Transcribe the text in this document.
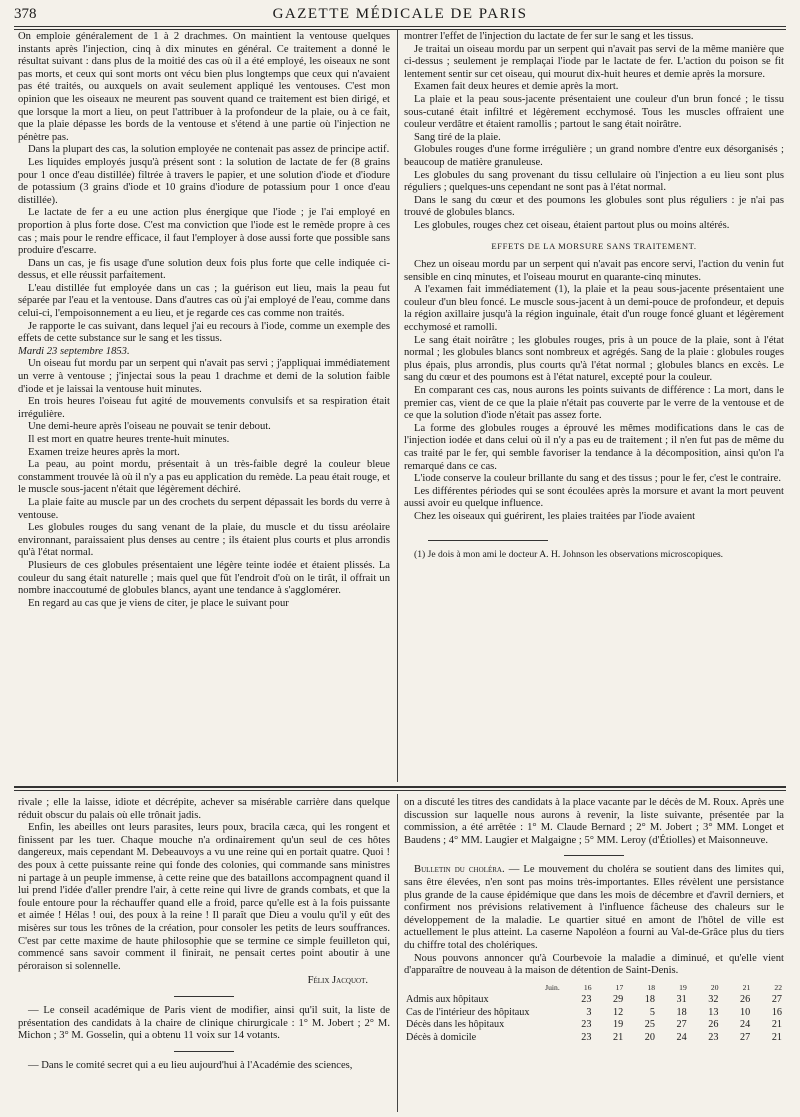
378	GAZETTE MÉDICALE DE PARIS

On emploie généralement de 1 à 2 drachmes. On maintient la ventouse quelques instants après l'injection, cinq à dix minutes en général. Ce traitement a donné le résultat suivant : dans plus de la moitié des cas où il a été employé, les oiseaux ne sont pas morts, et ceux qui sont morts ont vécu bien plus longtemps que ceux qui n'avaient pas été traités, ou auxquels on avait seulement appliqué les ventouses. C'est mon opinion que les oiseaux ne meurent pas souvent quand ce traitement est bien dirigé, et que lorsque la mort a lieu, on peut l'attribuer à la profondeur de la plaie, ou à ce fait, que la plaie dépasse les bords de la ventouse et s'étend à une partie où l'injection ne pénètre pas.

Dans la plupart des cas, la solution employée ne contenait pas assez de principe actif.

Les liquides employés jusqu'à présent sont : la solution de lactate de fer (8 grains pour 1 once d'eau distillée) filtrée à travers le papier, et une solution d'iode et d'iodure de potassium (3 grains d'iode et 10 grains d'iodure de potassium pour 1 once d'eau distillée).

Le lactate de fer a eu une action plus énergique que l'iode ; je l'ai employé en proportion à plus forte dose. C'est ma conviction que l'iode est le remède propre à ces cas ; mais pour le rendre efficace, il faut l'employer à dose aussi forte que possible sans produire d'escarre.

Dans un cas, je fis usage d'une solution deux fois plus forte que celle indiquée ci-dessus, et elle réussit parfaitement.

L'eau distillée fut employée dans un cas ; la guérison eut lieu, mais la peau fut séparée par l'eau et la ventouse. Dans d'autres cas où j'ai employé de l'eau, comme dans celui-ci, l'empoisonnement a eu lieu, et je regarde ces cas comme non traités.

Je rapporte le cas suivant, dans lequel j'ai eu recours à l'iode, comme un exemple des effets de cette substance sur le sang et les tissus.

Mardi 23 septembre 1853.

Un oiseau fut mordu par un serpent qui n'avait pas servi ; j'appliquai immédiatement un verre à ventouse ; j'injectai sous la peau 1 drachme et demi de la solution faible d'iode et je laissai la ventouse huit minutes.

En trois heures l'oiseau fut agité de mouvements convulsifs et sa respiration était irrégulière.

Une demi-heure après l'oiseau ne pouvait se tenir debout.

Il est mort en quatre heures trente-huit minutes.

Examen treize heures après la mort.

La peau, au point mordu, présentait à un très-faible degré la couleur bleue constamment trouvée là où il n'y a pas eu application du remède. La peau était rouge, et le muscle sous-jacent n'était que légèrement déchiré.

La plaie faite au muscle par un des crochets du serpent dépassait les bords du verre à ventouse.

Les globules rouges du sang venant de la plaie, du muscle et du tissu aréolaire environnant, paraissaient plus denses au centre ; ils étaient plus courts et plus arrondis qu'à l'état normal.

Plusieurs de ces globules présentaient une légère teinte iodée et étaient plissés. La couleur du sang était naturelle ; mais quel que fût l'endroit d'où on le tirât, il offrait un nombre inaccoutumé de globules blancs, ayant une tendance à s'agglomérer.

En regard au cas que je viens de citer, je place le suivant pour

montrer l'effet de l'injection du lactate de fer sur le sang et les tissus.

Je traitai un oiseau mordu par un serpent qui n'avait pas servi de la même manière que ci-dessus ; seulement je remplaçai l'iode par le lactate de fer. L'action du poison se fit lentement sentir sur cet oiseau, qui mourut dix-huit heures et demie après la morsure.

Examen fait deux heures et demie après la mort.

La plaie et la peau sous-jacente présentaient une couleur d'un brun foncé ; le tissu sous-cutané était infiltré et légèrement ecchymosé. Tous les muscles offraient une couleur verdâtre et étaient ramollis ; partout le sang était noirâtre.

Sang tiré de la plaie.

Globules rouges d'une forme irrégulière ; un grand nombre d'entre eux désorganisés ; beaucoup de matière granuleuse.

Les globules du sang provenant du tissu cellulaire où l'injection a eu lieu sont plus réguliers ; quelques-uns cependant ne sont pas à l'état normal.

Dans le sang du cœur et des poumons les globules sont plus réguliers : je n'ai pas trouvé de globules blancs.

Les globules, rouges chez cet oiseau, étaient partout plus ou moins altérés.

EFFETS DE LA MORSURE SANS TRAITEMENT.

Chez un oiseau mordu par un serpent qui n'avait pas encore servi, l'action du venin fut sensible en cinq minutes, et l'oiseau mourut en quarante-cinq minutes.

A l'examen fait immédiatement (1), la plaie et la peau sous-jacente présentaient une couleur d'un bleu foncé. Le muscle sous-jacent à un demi-pouce de profondeur, et depuis la région axillaire jusqu'à la région inguinale, était d'un rouge foncé gluant et légèrement ecchymosé et ramolli.

Le sang était noirâtre ; les globules rouges, pris à un pouce de la plaie, sont à l'état normal ; les globules blancs sont nombreux et agrégés. Sang de la plaie : globules rouges plus épais, plus arrondis, plus courts qu'à l'état normal ; globules blancs en excès. Le sang du cœur et des poumons est à l'état naturel, excepté pour la couleur.

En comparant ces cas, nous aurons les points suivants de différence : La mort, dans le premier cas, vient de ce que la plaie n'était pas couverte par le verre de la ventouse et de ce que la solution d'iode n'était pas assez forte.

La forme des globules rouges a éprouvé les mêmes modifications dans le cas de l'injection iodée et dans celui où il n'y a pas eu de traitement ; il n'en fut pas de même du cas traité par le fer, qui semble favoriser la tendance à la décomposition, ainsi qu'on l'a remarqué dans ce cas.

L'iode conserve la couleur brillante du sang et des tissus ; pour le fer, c'est le contraire.

Les différentes périodes qui se sont écoulées après la morsure et avant la mort peuvent aussi avoir eu quelque influence.

Chez les oiseaux qui guérirent, les plaies traitées par l'iode avaient

(1) Je dois à mon ami le docteur A. H. Johnson les observations microscopiques.

rivale ; elle la laisse, idiote et décrépite, achever sa misérable carrière dans quelque réduit obscur du palais où elle trônait jadis.

Enfin, les abeilles ont leurs parasites, leurs poux, bracila cæca, qui les rongent et finissent par les tuer. Chaque mouche n'a ordinairement qu'un seul de ces hôtes dangereux, mais cependant M. Debeauvoys a vu une reine qui en portait quatre. Quoi ! des poux à cette puissante reine qui fonde des colonies, qui commande sans ministres ni partage à un peuple immense, à cette reine que des bataillons accompagnent quand il lui prend l'idée d'aller prendre l'air, à cette reine qui livre de grands combats, et que la foule entoure pour la réchauffer quand elle a froid, parce qu'elle est à la fois puissante et aimée ! Hélas ! oui, des poux à la reine ! Il paraît que Dieu a voulu qu'il y eût des misères sur tous les trônes de la création, pour consoler les petits de leurs souffrances. C'est par cette maxime de haute philosophie que se termine ce simple feuilleton qui, commencé sans savoir comment il finirait, ne pensait certes point aboutir à une péroraison si solennelle.

Félix Jacquot.

— Le conseil académique de Paris vient de modifier, ainsi qu'il suit, la liste de présentation des candidats à la chaire de clinique chirurgicale : 1° M. Jobert ; 2° M. Michon ; 3° M. Gosselin, qui a obtenu 11 voix sur 14 votants.

— Dans le comité secret qui a eu lieu aujourd'hui à l'Académie des sciences,

on a discuté les titres des candidats à la place vacante par le décès de M. Roux. Après une discussion sur laquelle nous aurons à revenir, la liste suivante, présentée par la commission, a été arrêtée : 1° M. Claude Bernard ; 2° M. Jobert ; 3° MM. Longet et Baudens ; 4° MM. Laugier et Malgaigne ; 5° MM. Leroy (d'Étiolles) et Maisonneuve.

Bulletin du choléra. — Le mouvement du choléra se soutient dans des limites qui, sans être élevées, n'en sont pas moins très-importantes. Elles révèlent une persistance plus grande de la cause épidémique que dans les mois de décembre et d'avril derniers, et confirment nos prévisions relativement à l'influence fâcheuse des chaleurs sur le développement de la maladie. Le quartier situé en amont de l'hôtel de ville est actuellement le plus atteint. La caserne Napoléon a fourni au Val-de-Grâce plus du tiers du chiffre total des cholériques.

Nous pouvons annoncer qu'à Courbevoie la maladie a diminué, et qu'elle vient d'apparaître de nouveau à la maison de détention de Saint-Denis.

Juin.	16	17	18	19	20	21	22
Admis aux hôpitaux	23	29	18	31	32	26	27
Cas de l'intérieur des hôpitaux	3	12	5	18	13	10	16
Décès dans les hôpitaux	23	19	25	27	26	24	21
Décès à domicile	23	21	20	24	23	27	21
